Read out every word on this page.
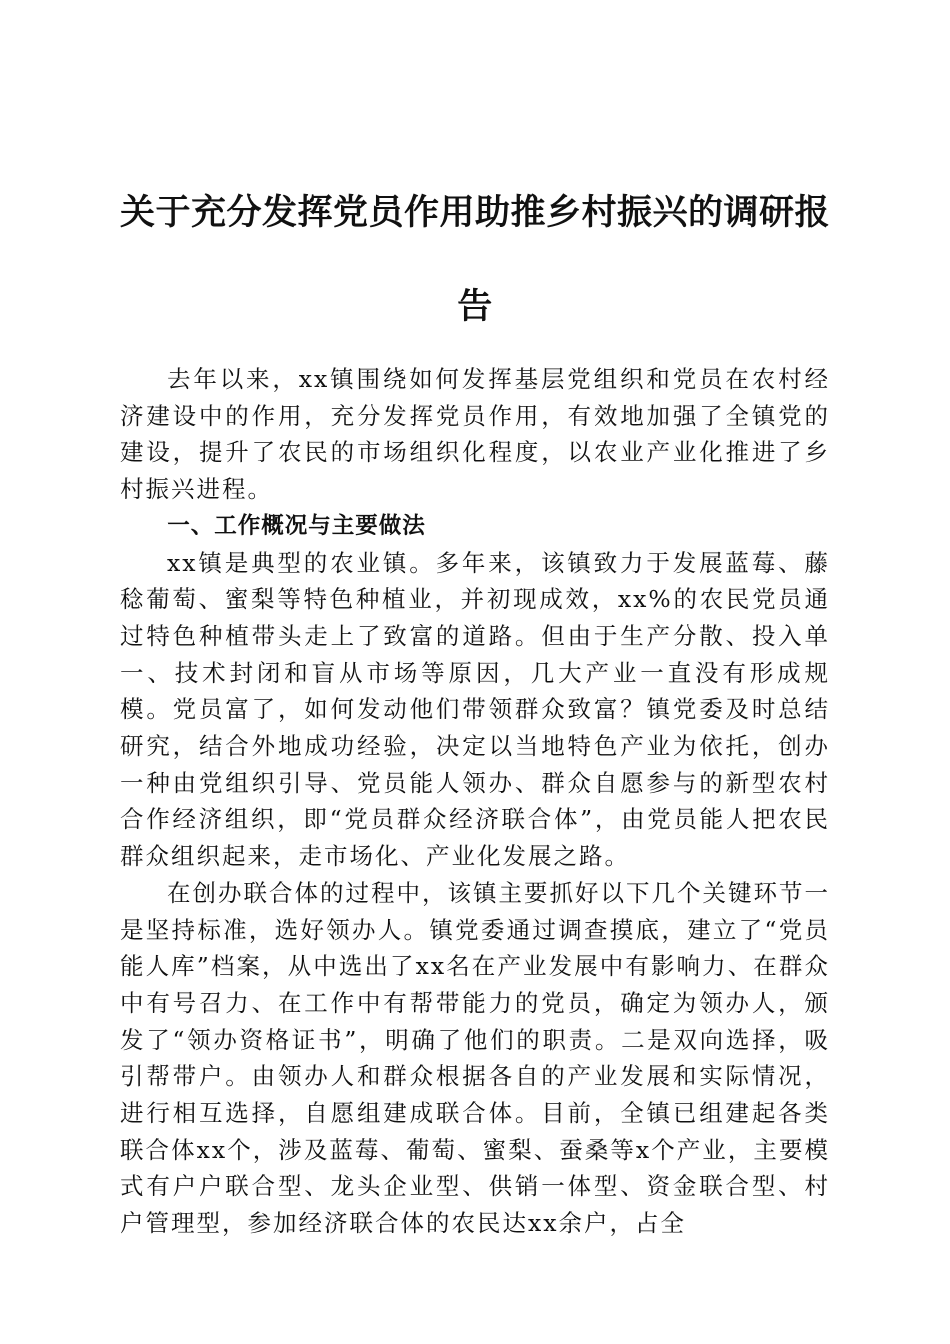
关于充分发挥党员作用助推乡村振兴的调研报告

去年以来，xx镇围绕如何发挥基层党组织和党员在农村经济建设中的作用，充分发挥党员作用，有效地加强了全镇党的建设，提升了农民的市场组织化程度，以农业产业化推进了乡村振兴进程。

一、工作概况与主要做法

xx镇是典型的农业镇。多年来，该镇致力于发展蓝莓、藤稔葡萄、蜜梨等特色种植业，并初现成效，xx%的农民党员通过特色种植带头走上了致富的道路。但由于生产分散、投入单一、技术封闭和盲从市场等原因，几大产业一直没有形成规模。党员富了，如何发动他们带领群众致富？镇党委及时总结研究，结合外地成功经验，决定以当地特色产业为依托，创办一种由党组织引导、党员能人领办、群众自愿参与的新型农村合作经济组织，即“党员群众经济联合体”，由党员能人把农民群众组织起来，走市场化、产业化发展之路。

在创办联合体的过程中，该镇主要抓好以下几个关键环节一是坚持标准，选好领办人。镇党委通过调查摸底，建立了“党员能人库”档案，从中选出了xx名在产业发展中有影响力、在群众中有号召力、在工作中有帮带能力的党员，确定为领办人，颁发了“领办资格证书”，明确了他们的职责。二是双向选择，吸引帮带户。由领办人和群众根据各自的产业发展和实际情况，进行相互选择，自愿组建成联合体。目前，全镇已组建起各类联合体xx个，涉及蓝莓、葡萄、蜜梨、蚕桑等x个产业，主要模式有户户联合型、龙头企业型、供销一体型、资金联合型、村户管理型，参加经济联合体的农民达xx余户，占全
